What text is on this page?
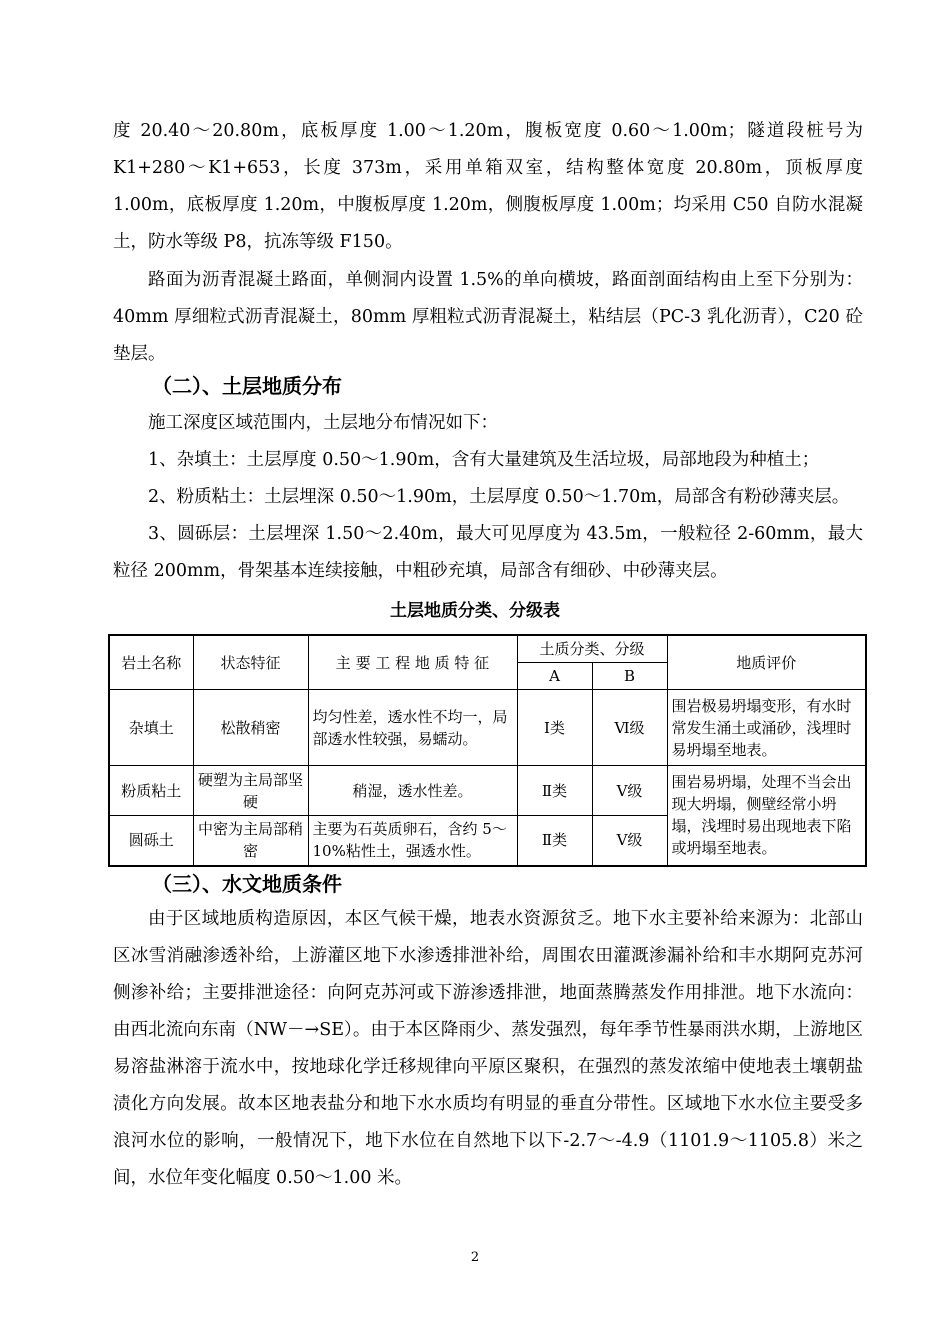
度 20.40～20.80m，底板厚度 1.00～1.20m，腹板宽度 0.60～1.00m；隧道段桩号为 K1+280～K1+653，长度 373m，采用单箱双室，结构整体宽度 20.80m，顶板厚度 1.00m，底板厚度 1.20m，中腹板厚度 1.20m，侧腹板厚度 1.00m；均采用 C50 自防水混凝土，防水等级 P8，抗冻等级 F150。

路面为沥青混凝土路面，单侧洞内设置 1.5%的单向横坡，路面剖面结构由上至下分别为：40mm 厚细粒式沥青混凝土，80mm 厚粗粒式沥青混凝土，粘结层（PC-3 乳化沥青），C20 砼垫层。

（二）、土层地质分布

施工深度区域范围内，土层地分布情况如下：

1、杂填土：土层厚度 0.50～1.90m，含有大量建筑及生活垃圾，局部地段为种植土；

2、粉质粘土：土层埋深 0.50～1.90m，土层厚度 0.50～1.70m，局部含有粉砂薄夹层。

3、圆砾层：土层埋深 1.50～2.40m，最大可见厚度为 43.5m，一般粒径 2-60mm，最大粒径 200mm，骨架基本连续接触，中粗砂充填，局部含有细砂、中砂薄夹层。

土层地质分类、分级表

岩土名称	状态特征	主 要 工 程 地 质 特 征	土质分类、分级		地质评价
			A	B	
杂填土	松散稍密	均匀性差，透水性不均一，局部透水性较强，易蠕动。	Ⅰ类	Ⅵ级	围岩极易坍塌变形，有水时常发生涌土或涌砂，浅埋时易坍塌至地表。
粉质粘土	硬塑为主局部坚硬	稍湿，透水性差。	Ⅱ类	Ⅴ级	围岩易坍塌，处理不当会出现大坍塌，侧壁经常小坍塌，浅埋时易出现地表下陷或坍塌至地表。
圆砾土	中密为主局部稍密	主要为石英质卵石，含约 5～10%粘性土，强透水性。	Ⅱ类	Ⅴ级	

（三）、水文地质条件

由于区域地质构造原因，本区气候干燥，地表水资源贫乏。地下水主要补给来源为：北部山区冰雪消融渗透补给，上游灌区地下水渗透排泄补给，周围农田灌溉渗漏补给和丰水期阿克苏河侧渗补给；主要排泄途径：向阿克苏河或下游渗透排泄，地面蒸腾蒸发作用排泄。地下水流向：由西北流向东南（NW－→SE）。由于本区降雨少、蒸发强烈，每年季节性暴雨洪水期，上游地区易溶盐淋溶于流水中，按地球化学迁移规律向平原区聚积，在强烈的蒸发浓缩中使地表土壤朝盐渍化方向发展。故本区地表盐分和地下水水质均有明显的垂直分带性。区域地下水水位主要受多浪河水位的影响，一般情况下，地下水位在自然地下以下-2.7～-4.9（1101.9～1105.8）米之间，水位年变化幅度 0.50～1.00 米。

2
